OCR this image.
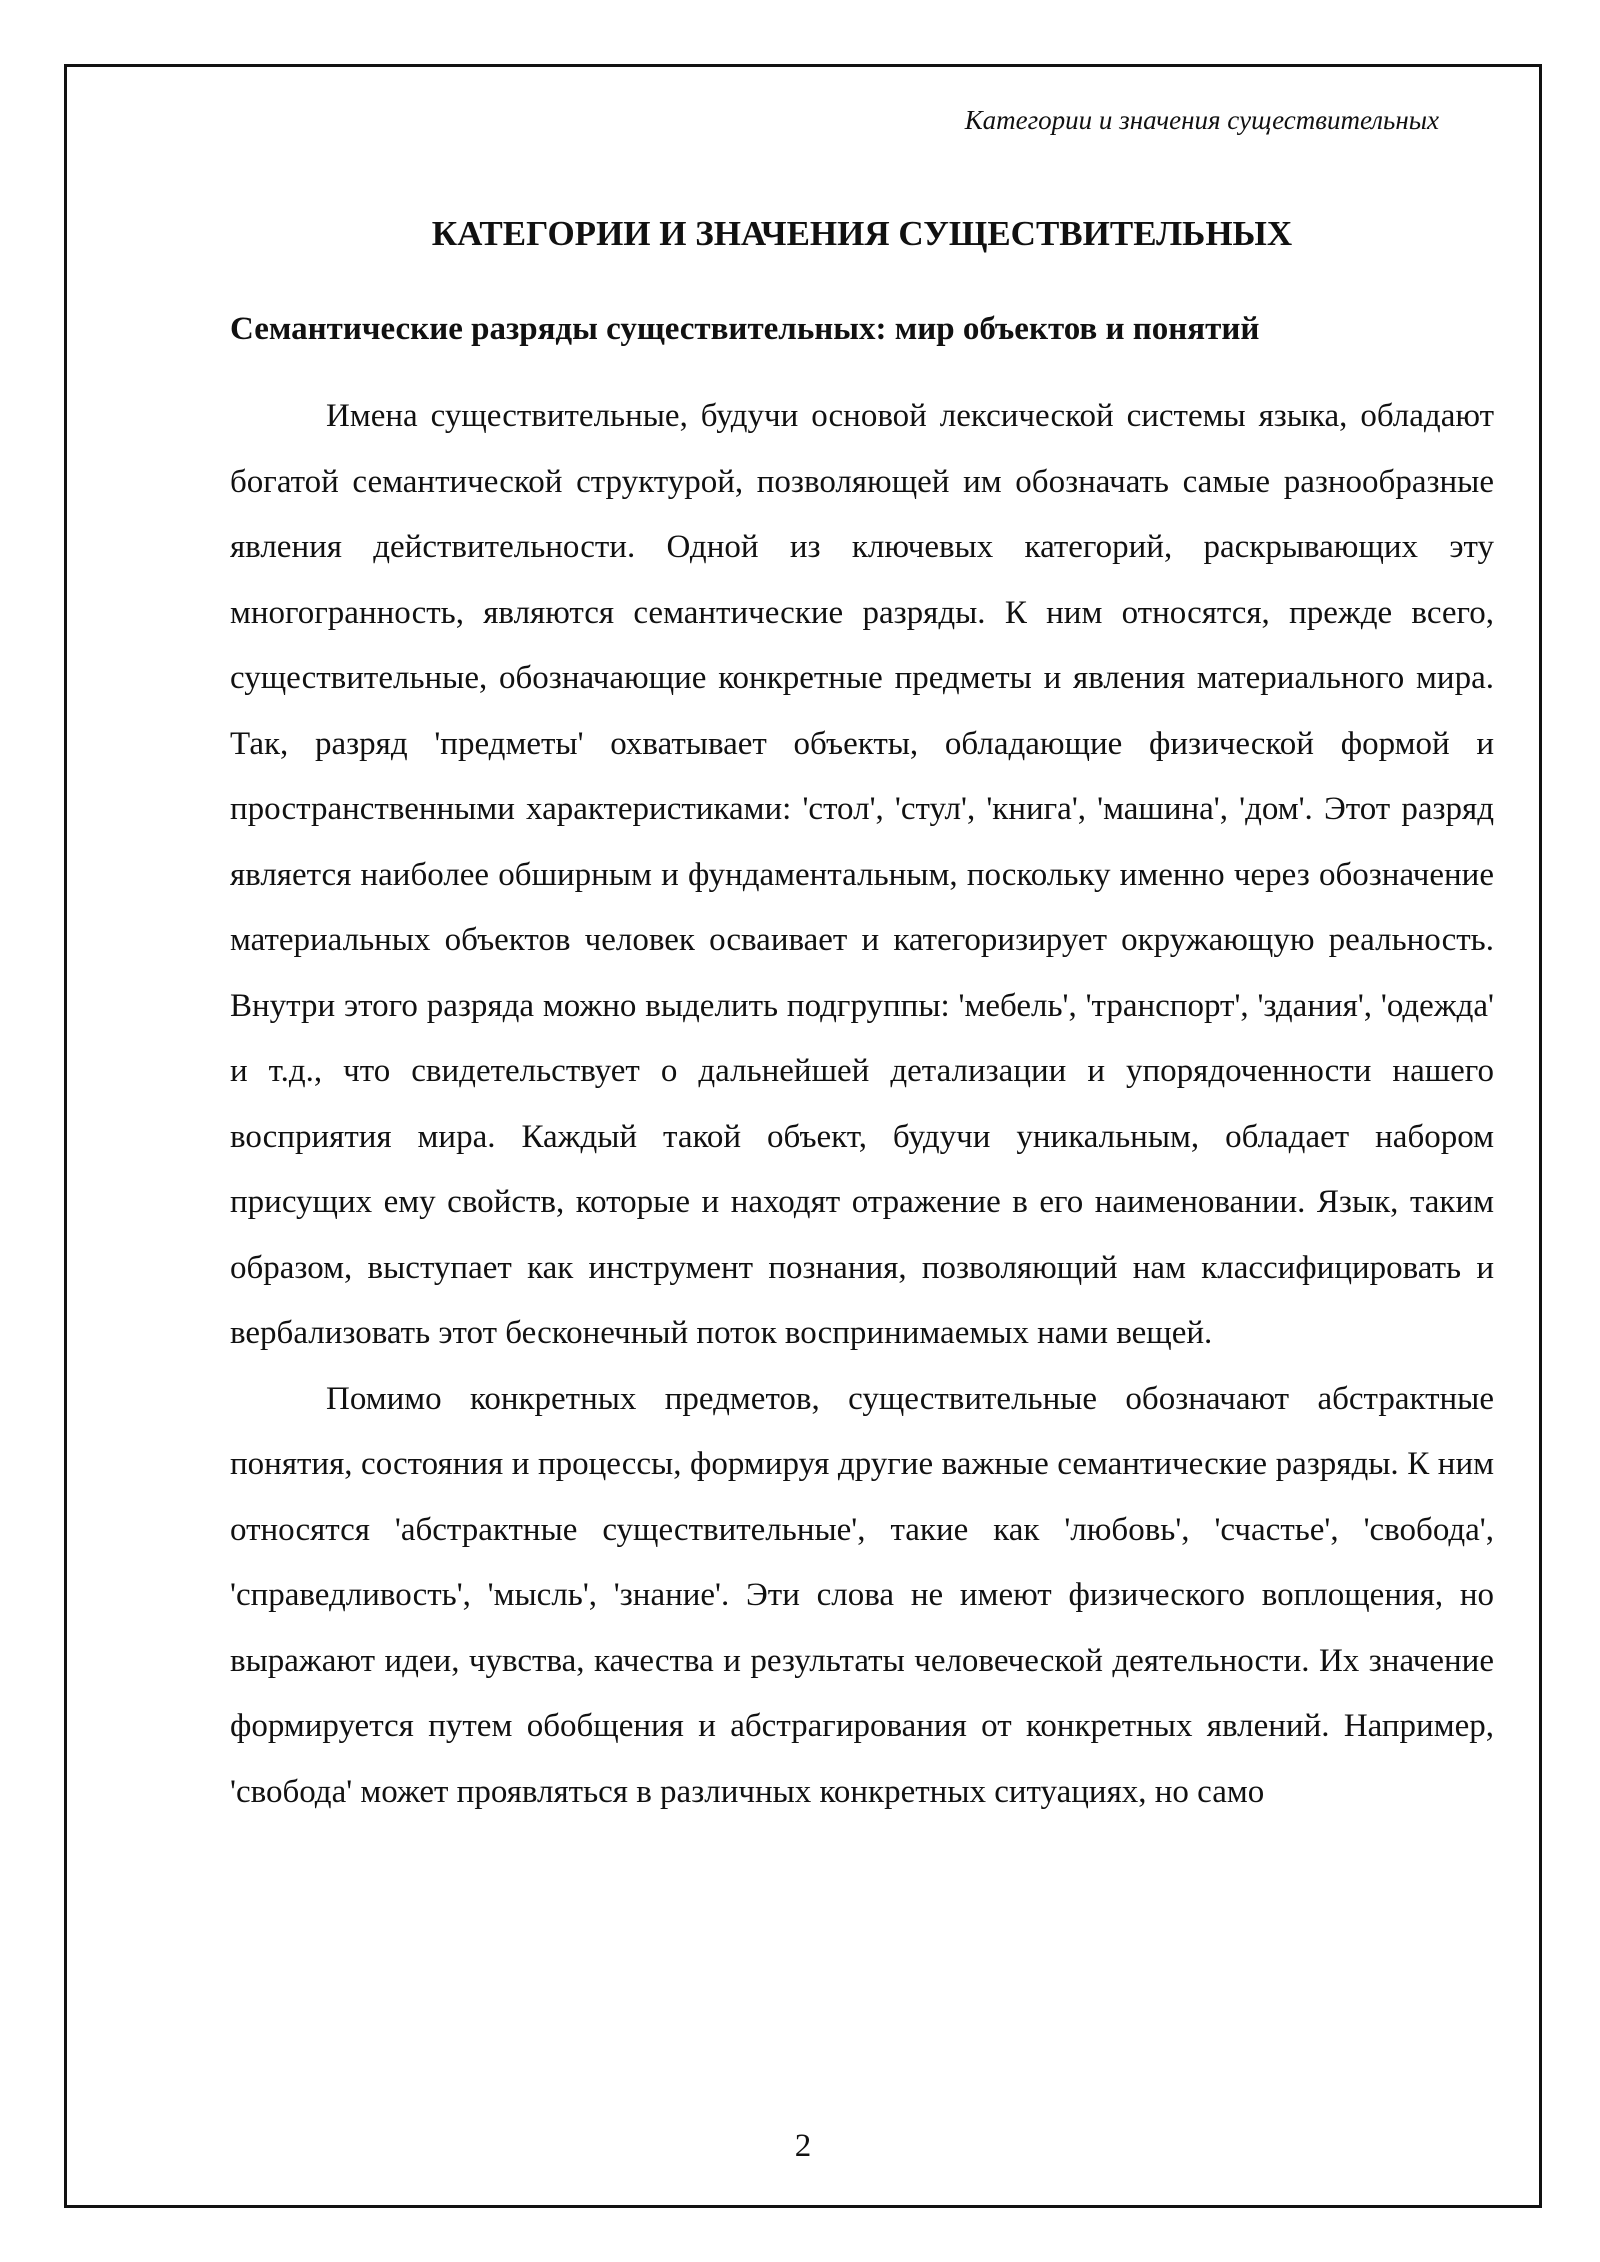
Категории и значения существительных

КАТЕГОРИИ И ЗНАЧЕНИЯ СУЩЕСТВИТЕЛЬНЫХ
Семантические разряды существительных: мир объектов и понятий

Имена существительные, будучи основой лексической системы языка, обладают богатой семантической структурой, позволяющей им обозначать самые разнообразные явления действительности. Одной из ключевых категорий, раскрывающих эту многогранность, являются семантические разряды. К ним относятся, прежде всего, существительные, обозначающие конкретные предметы и явления материального мира. Так, разряд 'предметы' охватывает объекты, обладающие физической формой и пространственными характеристиками: 'стол', 'стул', 'книга', 'машина', 'дом'. Этот разряд является наиболее обширным и фундаментальным, поскольку именно через обозначение материальных объектов человек осваивает и категоризирует окружающую реальность. Внутри этого разряда можно выделить подгруппы: 'мебель', 'транспорт', 'здания', 'одежда' и т.д., что свидетельствует о дальнейшей детализации и упорядоченности нашего восприятия мира. Каждый такой объект, будучи уникальным, обладает набором присущих ему свойств, которые и находят отражение в его наименовании. Язык, таким образом, выступает как инструмент познания, позволяющий нам классифицировать и вербализовать этот бесконечный поток воспринимаемых нами вещей.

Помимо конкретных предметов, существительные обозначают абстрактные понятия, состояния и процессы, формируя другие важные семантические разряды. К ним относятся 'абстрактные существительные', такие как 'любовь', 'счастье', 'свобода', 'справедливость', 'мысль', 'знание'. Эти слова не имеют физического воплощения, но выражают идеи, чувства, качества и результаты человеческой деятельности. Их значение формируется путем обобщения и абстрагирования от конкретных явлений. Например, 'свобода' может проявляться в различных конкретных ситуациях, но само

2
